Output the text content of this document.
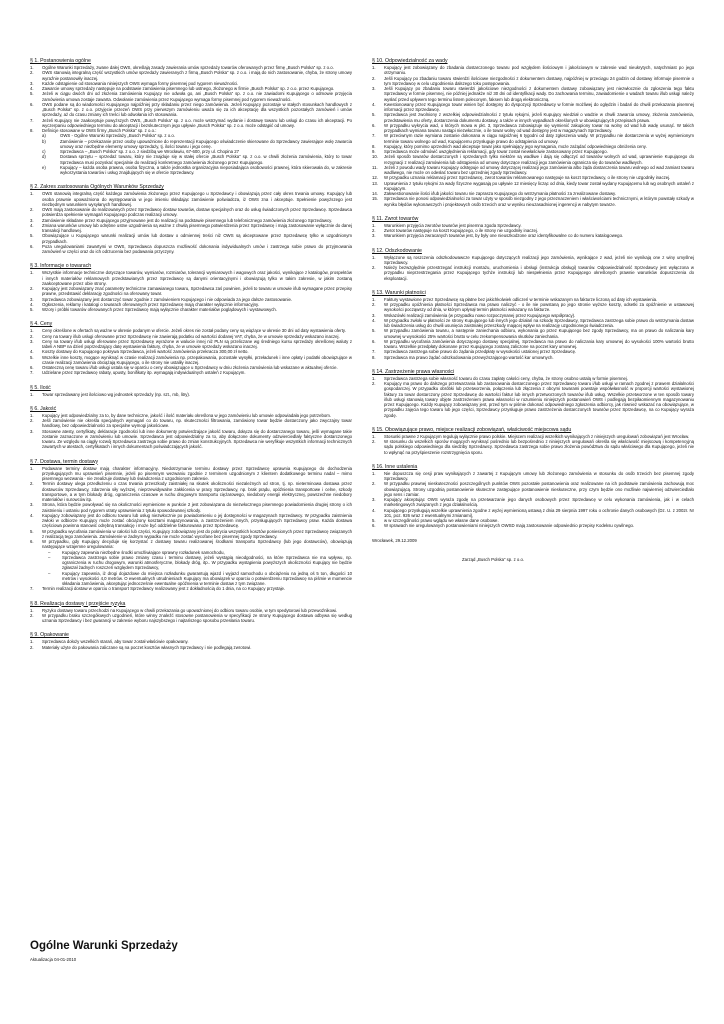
§ 1. Postanowienia ogólne
1.	Ogólne Warunki Sprzedaży, zwane dalej OWS, określają zasady zawierania umów sprzedaży towarów oferowanych przez firmę „Busch Polska” sp. z o.o.
2.	OWS stanowią integralną część wszystkich umów sprzedaży zawieranych z firmą „Busch Polska” sp. z o.o. i mają do nich zastosowanie, chyba, że strony umowy wyraźnie postanowiły inaczej.
3.	Każde odstąpienie od stosowania niniejszych OWS wymaga formy pisemnej pod rygorem nieważności.
4.	Zawarcie umowy sprzedaży następuje na podstawie zamówienia pisemnego lub ustnego, złożonego w firmie „Busch Polska” sp. z o.o. przez Kupującego.
5.	Jeżeli w ciągu dwóch dni od złożenia zamówienia Kupujący nie odwoła go, ani „Busch Polska” sp. z o.o. nie zawiadomi Kupującego o odmowie przyjęcia zamówienia umowa zostaje zawarta. Odwołanie zamówienia przez Kupującego wymaga formy pisemnej pod rygorem nieważności.
6.	OWS podane są do wiadomości Kupującego najpóźniej przy składaniu przez niego zamówienia. Jeżeli Kupujący pozostaje w stałych stosunkach handlowych z „Busch Polska” sp. z o.o. przyjęcie przezeń OWS przy pierwszym zamówieniu uważa się za ich akceptację dla wszystkich pozostałych zamówień i umów sprzedaży, aż do czasu zmiany ich treści lub odwołania ich stosowania.
7.	Jeżeli Kupujący nie zaakceptuje powyższych OWS, „Busch Polska” sp. z o.o. może wstrzymać wydanie i dostawę towaru lub usługi do czasu ich akceptacji. Po wyczerpaniu odpowiedniego terminu do akceptacji i bezskutecznym jego upływie „Busch Polska” sp. z o.o. może odstąpić od umowy.
8.	Definicje stosowane w OWS firmy „Busch Polska” sp. z o.o.:
a)	OWS - Ogólne Warunki Sprzedaży „Busch Polska” sp. z o.o.
b)	Zamówienie – przekazanie przez osoby upoważnione do reprezentacji Kupującego oświadczenie skierowane do Sprzedawcy zawierające wolę zawarcia umowy oraz niezbędne elementy umowy sprzedaży, tj. ilości towaru i jego cenę.
c)	Sprzedawca – „Busch Polska” sp. z o.o. z siedzibą we Wrocławiu, 67-600, przy ul. Chopina 27
d)	Dostawa sprzętu – sprzedaż towaru, który nie znajduje się w stałej ofercie „Busch Polska” sp. z o.o. w chwili złożenia zamówienia, który to towar Sprzedawca musi pozyskać specjalnie do realizacji konkretnego zamówienia złożonego przez Kupującego.
e)	Kupujący – każda osoba prawna, osoba fizyczna, a także jednostka organizacyjna nieposiadająca osobowości prawnej, która skierowała do, w zakresie wykorzystania towarów i usług znajdujących się w ofercie Sprzedawcy.
§ 2. Zakres zastosowania Ogólnych Warunków Sprzedaży
1.	OWS stanowią integralną część każdego zamówienia złożonego przez Kupującego u Sprzedawcy i obowiązują przez cały okres trwania umowy. Kupujący lub osoba prawnie upoważniona do występowania w jego imieniu składając zamówienie poświadcza, iż OWS zna i akceptuje. Spełnienie powyższego jest niezbędnym warunkiem wysyłanych handlowej.
2.	OWS mają zastosowanie do realizowanych przez Sprzedawcę dostaw towarów, dostaw specjalnych oraz do usług świadczonych przez Sprzedawcę. Sprzedawca potwierdza spełnienie wymagań Kupującego podczas realizacji umowy.
3.	Zamówienie składane przez Kupującego przyjmowane jest do realizacji na podstawie pisemnego lub telefonicznego zamówienia złożonego Sprzedawcy.
4.	Zmiana warunków umowy lub odrębne ustne uzgodnienia są ważne z chwilą pisemnego potwierdzenia przez Sprzedawcę i mają zastosowanie wyłącznie do danej transakcji handlowej.
5.	Obowiązujące u Kupującego warunki realizacji umów lub dostaw o odmiennej treści niż OWS są akceptowane przez Sprzedawcę tylko w uzgodnionym przypadkach.
6.	Poza uregulowaniami zawartymi w OWS, Sprzedawca dopuszcza możliwość dokonania indywidualnych umów i zastrzega sobie prawo do przyjmowania zamówień w części oraz do ich odrzucenia bez podawania przyczyny.
§ 3. Informacje o towarach
1.	Wszystkie informacje techniczne dotyczące towarów, wymiarów, rozmiarów, tolerancji wymiarowych i wagowych oraz jakości, wynikające z katalogów, prospektów i innych materiałów reklamowych przedstawianych przez Sprzedawcę są danymi orientacyjnymi i obowiązują tylko w takim zakresie, w jakim zostaną zaakceptowane przez obie strony.
2.	Kupujący jest zobowiązany znać parametry techniczne zamawianego towaru, Sprzedawca zaś powinien, jeżeli to towaru w umowie i/lub wymagane przez przepisy prawne, przedstawić deklarację zgodności na oferowany towar.
3.	Sprzedawca zobowiązany jest dostarczyć towar zgodnie z zamówieniem Kupującego i nie odpowiada za jego dalsze zastosowanie.
4.	Ogłoszenia, reklamy i katalogi o towarach oferowanych przez Sprzedawcę mają charakter wyłącznie informacyjny.
5.	Wzory i próbki towarów oferowanych przez Sprzedawcę mają wyłącznie charakter materiałów poglądowych i wystawowych.
§ 4. Ceny
1.	Ceny określone w ofertach są ważne w okresie podanym w ofercie. Jeżeli okres nie został podany ceny są wiążące w okresie 30 dni od daty wystawienia oferty.
2.	Ceny na towary i/lub usługi oferowane przez Sprzedawcę nie zawierają podatku od wartości dodanej VAT, chyba, że w umowie sprzedaży wskazano inaczej.
3.	Ceny na towary i/lub usługi oferowane przez Sprzedawcę wyrażone w walucie innej niż PLN są przeliczane wg średniego kursu sprzedaży określonej waluty z tabeli A NBP na dzień poprzedzający datę wystawienia faktury, chyba, że w umowie sprzedaży wskazano inaczej.
4.	Koszty dostawy do Kupującego pokrywa Sprzedawca, jeżeli wartość zamówienia przekracza 300,00 zł netto.
5.	Wszelkie inne koszty, mogące wyniknąć w czasie realizacji zamówienia np. przepakowania, pozostałe wysyłki, przeładunek i inne opłaty i podatki obowiązujące w czasie realizacji zamówienia obciążają Kupującego, o ile strony nie ustaliły inaczej.
6.	Ostateczną cenę towaru i/lub usługi ustala się w oparciu o ceny obowiązujące u Sprzedawcy w dniu złożenia zamówienia lub wskazane w aktualnej ofercie.
7.	Udzielane przez Sprzedawcę rabaty, upusty, bonifikaty itp. wymagają indywidualnych ustaleń z Kupującym.
§ 5. Ilość
1.	Towar sprzedawany jest ilościowo wg jednostek sprzedaży (np. szt., mb, litry).
§ 6. Jakość
1.	Kupujący jest odpowiedzialny za to, by dane techniczne, jakość i ilość materiału określona w jego zamówieniu lub umowie odpowiadała jego potrzebom.
2.	Jeśli zamówienie nie określa specjalnych wymagań co do towaru, np. skuteczności filtrowania, zamówiony towar będzie dostarczony jako zwyczajny towar handlowy, bez odpowiedzialności za specjalne wymogi jakościowe.
3.	Stosowne atesty, certyfikaty, deklaracje zgodności lub inne dokumenty potwierdzające jakość towaru, dołącza się do dostarczanego towaru, jeśli wymagane takie zostanie zaznaczone w zamówieniu lub umowie. Sprzedawca jest odpowiedzialny za to, aby dołączone dokumenty odzwierciedlały faktyczne dostarczonego towaru. Ze względu na ciągły rozwój Sprzedawca zastrzega sobie prawo do zmian konstrukcyjnych. Sprzedawca nie weryfikuje wszystkich informacji technicznych zawartych w atestach, certyfikatach i innych dokumentach poświadczających jakość.
§ 7. Dostawa, termin dostawy
1.	Podawane terminy dostaw mają charakter informacyjny. Niedotrzymanie terminu dostawy przez Sprzedawcę uprawnia Kupującego do dochodzenia przysługujących mu uprawnień pisemnie, jeżeli po pisemnym wezwaniu zgodnie z terminem uzgodnionym z klientem dodatkowego terminu nadal – mimo pisemnego wezwania - nie zrealizuje dostawy lub świadczenia z uzgodnionym zakresie.
2.	Termin dostawy ulega przedłużeniu o czas trwania przeszkody zaistniałej na skutek okoliczności niezależnych od stron, tj. np. nieterminowa dostawa przez dostawców Sprzedawcy, zdarzenia siły wyższej, nieprzewidywalne zakłócenia w pracy Sprzedawcy, np. brak prądu, opóźnienia transportowe i celne, szkody transportowe, a w tym blokady dróg, ograniczenia czasowe w ruchu drogowym transportu ciężarowego, niedobory energii elektrycznej, powszechne niedobory materiałów i surowców itp.
3.	Strona, która będzie powoływać się na okoliczności wymienione w punkcie 2 jest zobowiązana do niezwłocznego pisemnego powiadomienia drugiej strony o ich zaistnieniu i ustaniu pod rygorem utraty uprawnienia z tytułu spowodowanej szkody.
4.	Kupujący zobowiązany jest do odbioru towaru lub usług niezwłocznie po powiadomieniu o jej dostępności w magazynach Sprzedawcy. W przypadku zaistnienia zwłoki w odbiorze Kupujący może zostać obciążony kosztami magazynowania, a zastrzeżeniem innych, przysługujących Sprzedawcy praw. Każda dostawa częściowa powinna stanowić odrębną transakcję i może być oddzielnie fakturowana przez Sprzedawcę.
5.	W przypadku wycofania zamówienia w całości lub części, Kupujący zobowiązany jest do pokrycia wszystkich kosztów poniesionych przez Sprzedawcę związanych z realizacją tego zamówienia. Zamówienie w żadnym wypadku nie może zostać wycofane bez pisemnej zgody Sprzedawcy.
6.	W przypadku, gdy Kupujący decyduje się korzystać z dostawy towaru realizowanej środkami transportu Sprzedawcy (lub jego dostawców), obowiązują następujące wzajemne uregulowania:
–	Kupujący zapewnia niezbędne środki umożliwiające sprawny rozładunek samochodu,
–	Sprzedawca zastrzega sobie prawo zmiany czasu i terminu dostawy, jeżeli wystąpią nieodgodności, na które Sprzedawca nie ma wpływu, np. ograniczenia w ruchu drogowym, warunki atmosferyczne, blokady dróg, itp.. W przypadku wystąpienia powyższych okoliczności Kupujący nie będzie zgłaszał żadnych roszczeń względem Sprzedawcy,
–	Kupujący zapewnia, iż drogi dojazdowe do miejsca rozładunku gwarantują wjazd i wyjazd samochodu o obciążeniu na jedną oś 5 ton, długości 10 metrów i wysokości 4,0 metrów. O ewentualnych utrudnieniach Kupujący ma obowiązek w oparciu o potwierdzeniu Sprzedawcę na piśmie w momencie składania zamówienia, akceptując jednocześnie ewentualne opóźnienia w terminie dostaw z tym związane.
7.	Termin realizacji dostaw w oparciu o transport Sprzedawcy realizowany jest z dokładnością do 1 dnia, na co Kupujący przystaje.
§ 8. Realizacja dostawy i przejście ryzyka
1.	Ryzyko dostawy towaru przechodzi na Kupującego w chwili przekazania go upoważnionej do odbioru towaru osobie, w tym spedytorowi lub przewoźnikowi.
2.	W przypadku braku szczegółowych uzgodnień, które winny znaleźć stosowne postanowienia w specyfikacji ze strony Kupującego dostawa odbywa się według uznania Sprzedawcy i bez gwarancji w zakresie wyboru najszybszego i najtańszego sposobu przesłania towaru.
§ 9. Opakowanie
1.	Sprzedawca dołoży wszelkich starań, aby towar został właściwie opakowany.
2.	Materiały użyte do pakowania zaliczane są na poczet kosztów własnych Sprzedawcy i nie podlegają zwrotowi.
§ 10. Odpowiedzialność za wady
1.	Kupujący jest zobowiązany do zbadania dostarczonego towaru pod względem ilościowym i jakościowym w zakresie wad nieukrytych, natychmiast po jego otrzymaniu.
2.	Jeśli Kupujący po zbadaniu towaru stwierdzi ilościowe niezgodności z dokumentem dostawy, najpóźniej w przeciągu 24 godzin od dostawy informuje pisemnie o tym Sprzedawcę w celu uzgodnienia dalszego toku postępowania.
3.	Jeśli Kupujący po zbadaniu towaru stwierdzi jakościowe niezgodności z dokumentem dostawy zobowiązany jest niezwłocznie do zgłoszenia tego faktu Sprzedawcy w formie pisemnej, nie później jednakże niż 30 dni od identyfikacji wady. Do zachowania terminu, zawiadomienie o wadach towaru i/lub usługi należy wysłać przed upływem tego terminu listem poleconym, faksem lub drogą elektroniczną.
4.	Kwestionowany przez Kupującego towar winien być dostępny do dyspozycji Sprzedawcy w formie możliwej do oględzin i badań do chwili przekazania pisemnej informacji przez Sprzedawcę.
5.	Sprzedawca jest zwolniony z wszelkiej odpowiedzialności z tytułu rękojmi, jeżeli Kupujący wiedział o wadzie w chwili zawarcia umowy, złożenia zamówienia, przedstawienia mu oferty, dostarczenia dokumentu dostawy, a także w innych wypadkach określonych w obowiązujących przepisach prawa.
6.	W przypadku wykrycia wad, o których mowa w pkt. 3, Sprzedawca zobowiązuje się wymienić zakupiony towar na wolny od wad lub wadę usunąć. W takich przypadkach wymiana towaru nastąpi niezwłocznie, o ile towar wolny od wad dostępny jest w magazynach Sprzedawcy.
7.	W przeciwnym razie wymiana zostanie dokonana w ciągu najpóźniej 6 tygodni od daty zgłoszenia wady. W przypadku nie dostarczenia w wyżej wymienionym terminie towaru wolnego od wad, Kupującemu przysługuje prawo do odstąpienia od umowy.
8.	Kupujący, który pomimo uprzednich wad akceptuje towar jako spełniający jego wymagania, może zażądać odpowiedniego obniżenia ceny.
9.	Sprzedawca może odmówić uwzględnienia reklamacji, gdy towar został niewłaściwie zastosowany przez Kupującego.
10.	Jeżeli sposób towarów dostarczonych i sprzedanych tylko niektóre są wadliwe i dają się odłączyć od towarów wolnych od wad, uprawnienie Kupującego do rezygnacji z realizacji zamówienia lub odstąpienia od umowy dotyczące realizacji jego zamówienia ogranicza się do towarów wadliwych.
11.	Jeżeli z powodu wady towaru Kupujący odstępuje od umowy dotyczącej realizacji jego zamówienia albo żąda dostarczenia towaru wolnego od wad zamiast towaru wadliwego, nie może on odesłać towaru bez uprzedniej zgody Sprzedawcy.
12.	W przypadku uznania reklamacji przez Sprzedawcę, zwrot towarów reklamowanego następuje na koszt Sprzedawcy, o ile strony nie uzgodniły inaczej.
13.	Uprawnienia z tytułu rękojmi za wady fizyczne wygasają po upływie 12 miesięcy licząc od dnia, kiedy towar został wydany Kupującemu lub wg osobnych ustaleń z Kupującym.
14.	Zakwestionowanie ilości i/lub jakości towaru nie zaprasza Kupującego do wstrzymania płatności za zrealizowane dostawy.
15.	Sprzedawca nie ponosi odpowiedzialności za towar użyty w sposób niezgodny z jego przeznaczeniem i właściwościami technicznymi, w którym powstały szkody w wyniku błędów wykonawczych i projektowych osób trzecich oraz w wyniku nieuzasadnionej ingerencji w nabytym towarze.
§ 11. Zwrot towarów
1.	Warunkiem przyjęcia zwrotów towarów jest pisemna zgoda Sprzedawcy.
2.	Zwrot towarów następuje na koszt Kupującego, o ile strony nie uzgodniły inaczej.
3.	Warunkiem przyjęcia zwracanych towarów jest, by były one nieuszkodzone oraz identyfikowalne co do numeru katalogowego.
§ 12. Odszkodowanie
1.	Wyłączone są roszczenia odszkodowawcze Kupującego dotyczących realizacji jego zamówienia, wynikające z wad, jeżeli nie wynikają one z winy umyślnej Sprzedawcy.
2.	Należy bezwzględnie przestrzegać instrukcji montażu, uruchomienia i obsługi (instrukcja obsługi) towarów. Odpowiedzialność Sprzedawcy jest wyłączona w przypadku nieprzestrzegania przez Kupującego tychże instrukcji lub niespełnienia przez Kupującego określonych prawnie warunków dopuszczenia do eksploatacji.
§ 13. Warunki płatności
1.	Faktury wystawione przez Sprzedawcę są płatne bez jakichkolwiek odliczeń w terminie wskazanym na fakturze liczoną od daty ich wystawienia.
2.	W przypadku opóźnienia płatności Sprzedawca ma prawo naliczyć - o ile nie powstaną po jego stronie wyższe koszty, odsetki za opóźnienie w ustawowej wysokości począwszy od dnia, w którym upłynął termin płatności wskazany na fakturze.
3.	Wskazówki realizacji zamówienia (w przypadku nowo rozpoczynanej przez Kupującego współpracy).
4.	W przypadku zwłoki w płatności ze strony Kupującego lub innych jego działań na szkodę Sprzedawcy, Sprzedawca zastrzega sobie prawo do wstrzymania dostaw lub świadczenia usług do chwili usunięcia zaistniałej przeszkody mającej wpływ na realizację uzgodnionego świadczenia.
5.	W przypadku zamówienia towaru, a następnie zaniechania odbioru, wykonania go przez Kupującego bez zgody Sprzedawcy, ma on prawo do naliczania kary umownej w wysokości 25% wartości brutto w celu zrekompensowania skutków zaniechania.
6.	W przypadku wycofania zamówienia dotyczącego dostawy specjalnej, Sprzedawca ma prawo do naliczania kary umownej do wysokości 100% wartości brutto towaru. Wszelkie przedpłaty dokonane przez Kupującego zostaną zaliczone na poczet kary umownej.
7.	Sprzedawca zastrzega sobie prawo do żądania przedpłaty w wysokości ustalonej przez Sprzedawcę.
8.	Sprzedawca ma prawo żądać odszkodowania przewyższającego wartość kar umownych.
§ 14. Zastrzeżenie prawa własności
1.	Sprzedawca zastrzega sobie własność towaru do czasu zapłaty całości ceny, chyba, że strony osobno ustalą w formie pisemnej.
2.	Kupujący ma prawo do dalszego przetwarzania lub zastosowania dostarczonego przez Sprzedawcę towaru i/lub usługi w ramach zgodnej z prawem działalności gospodarczej. W przypadku obróbki lub przetworzenia, połączenia lub złączenia z obcymi towarami powstaje współwłasność w proporcji wartości wystawionej faktury za towar dostarczony przez Sprzedawcę do wartości faktur lub innych przetworzonych towarów i/lub usług. Wszelkie przetworzone w ten sposób towary i/lub usługi stanowią towary objęte zastrzeżeniem prawa własności w rozumieniu niniejszych postanowień OWS i podlegają bezpiłaomiennym magazynowaniu przez Kupującego. Każdy Kupujący zobowiązany jest, przed tym w piśmie dokonać odpowiedniego zgłoszenia odbiorcy, jak również wskazać na obowiązujące, w przypadku zajęcia tego towaru lub jego części, Sprzedawcy przysługuje prawo zastrzeżenia dostarczonych towarów przez Sprzedawcę, na co Kupujący wyraża zgodę.
§ 15. Obowiązujące prawo, miejsce realizacji zobowiązań, właściwość miejscowa sądu
1.	Stosunki prawne z Kupującym regulują wyłącznie prawo polskie. Miejscem realizacji wszelkich wynikających z niniejszych uregulowań zobowiązań jest Wrocław.
2.	W stosunku do wszelkich sporów mogących wyniknąć pośrednio lub bezpośrednio z niniejszych uregulowań określa się właściwość miejscową i kompetencyjną sądu polskiego odpowiedniego dla siedziby Sprzedawcy. Sprzedawca zastrzega sobie prawo złożenia powództwa do sądu właściwego dla Kupującego, jeżeli nie to wpłynąć na przyśpieszenie rozstrzygnięcia sporu.
§ 16. Inne ustalenia
1.	Nie dopuszcza się cesji praw wynikających z zawartej z Kupującym umowy lub złożonego zamówienia w stosunku do osób trzecich bez pisemnej zgody Sprzedawcy.
2.	W przypadku prawnej nieskuteczności poszczególnych punktów OWS pozostałe postanowienia oraz realizowane na ich podstawie zamówienia zachowują moc obowiązującą. Strony uzgodnią postanowienie skuteczne zastępujące postanowienie nieskuteczne, przy czym będzie ono możliwie najwierniej odzwierciedlało jego sens i zamiar.
3.	Kupujący akceptując OWS wyraża zgodę na przetwarzanie jego danych osobowych przez Sprzedawcę w celu wykonania zamówienia, jak i w celach marketingowych związanych z jego działalnością.
4.	Kupującego przysługują wszelkie uprawnienia zgodne z wyżej wymienioną ustawą z dnia 29 sierpnia 1997 roku o ochronie danych osobowych (Dz. U. z 2002r. Nr 101, poz. 926 wraz z ewentualnymi zmianami),
5.	w w szczególności prawo wglądu we własne dane osobowe.
6.	W sprawach nie uregulowanych postanowieniami niniejszych OWSD mają zastosowanie odpowiednio przepisy Kodeksu cywilnego.
Wrocławek, 29.12.2009
Zarząd „Busch Polska” sp. z o.o.
Ogólne Warunki Sprzedaży
Aktualizacja 04-01-2010
